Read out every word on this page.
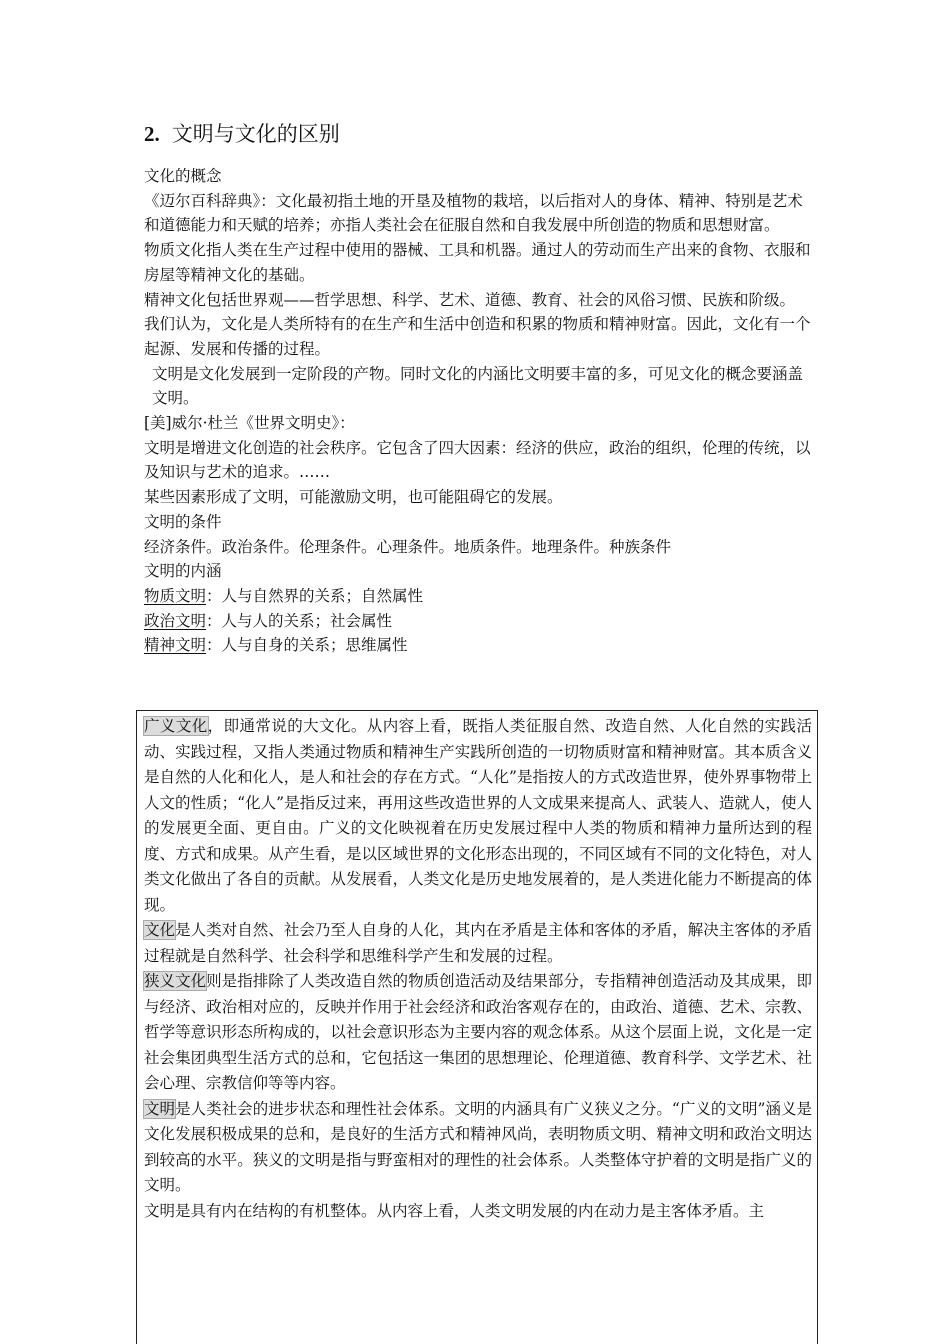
2. 文明与文化的区别

文化的概念

《迈尔百科辞典》：文化最初指土地的开垦及植物的栽培，以后指对人的身体、精神、特别是艺术和道德能力和天赋的培养；亦指人类社会在征服自然和自我发展中所创造的物质和思想财富。

物质文化指人类在生产过程中使用的器械、工具和机器。通过人的劳动而生产出来的食物、衣服和房屋等精神文化的基础。

精神文化包括世界观——哲学思想、科学、艺术、道德、教育、社会的风俗习惯、民族和阶级。

我们认为，文化是人类所特有的在生产和生活中创造和积累的物质和精神财富。因此，文化有一个起源、发展和传播的过程。

文明是文化发展到一定阶段的产物。同时文化的内涵比文明要丰富的多，可见文化的概念要涵盖文明。

[美]威尔·杜兰《世界文明史》：

文明是增进文化创造的社会秩序。它包含了四大因素：经济的供应，政治的组织，伦理的传统，以及知识与艺术的追求。……

某些因素形成了文明，可能激励文明，也可能阻碍它的发展。

文明的条件

经济条件。政治条件。伦理条件。心理条件。地质条件。地理条件。种族条件

文明的内涵

物质文明：人与自然界的关系；自然属性

政治文明：人与人的关系；社会属性

精神文明：人与自身的关系；思维属性

广义文化，即通常说的大文化。从内容上看，既指人类征服自然、改造自然、人化自然的实践活动、实践过程，又指人类通过物质和精神生产实践所创造的一切物质财富和精神财富。其本质含义是自然的人化和化人，是人和社会的存在方式。“人化”是指按人的方式改造世界，使外界事物带上人文的性质；“化人”是指反过来，再用这些改造世界的人文成果来提高人、武装人、造就人，使人的发展更全面、更自由。广义的文化映视着在历史发展过程中人类的物质和精神力量所达到的程度、方式和成果。从产生看，是以区域世界的文化形态出现的，不同区域有不同的文化特色，对人类文化做出了各自的贡献。从发展看，人类文化是历史地发展着的，是人类进化能力不断提高的体现。

文化是人类对自然、社会乃至人自身的人化，其内在矛盾是主体和客体的矛盾，解决主客体的矛盾过程就是自然科学、社会科学和思维科学产生和发展的过程。

狭义文化则是指排除了人类改造自然的物质创造活动及结果部分，专指精神创造活动及其成果，即与经济、政治相对应的，反映并作用于社会经济和政治客观存在的，由政治、道德、艺术、宗教、哲学等意识形态所构成的，以社会意识形态为主要内容的观念体系。从这个层面上说，文化是一定社会集团典型生活方式的总和，它包括这一集团的思想理论、伦理道德、教育科学、文学艺术、社会心理、宗教信仰等等内容。

文明是人类社会的进步状态和理性社会体系。文明的内涵具有广义狭义之分。“广义的文明”涵义是文化发展积极成果的总和，是良好的生活方式和精神风尚，表明物质文明、精神文明和政治文明达到较高的水平。狭义的文明是指与野蛮相对的理性的社会体系。人类整体守护着的文明是指广义的文明。

文明是具有内在结构的有机整体。从内容上看，人类文明发展的内在动力是主客体矛盾。主
